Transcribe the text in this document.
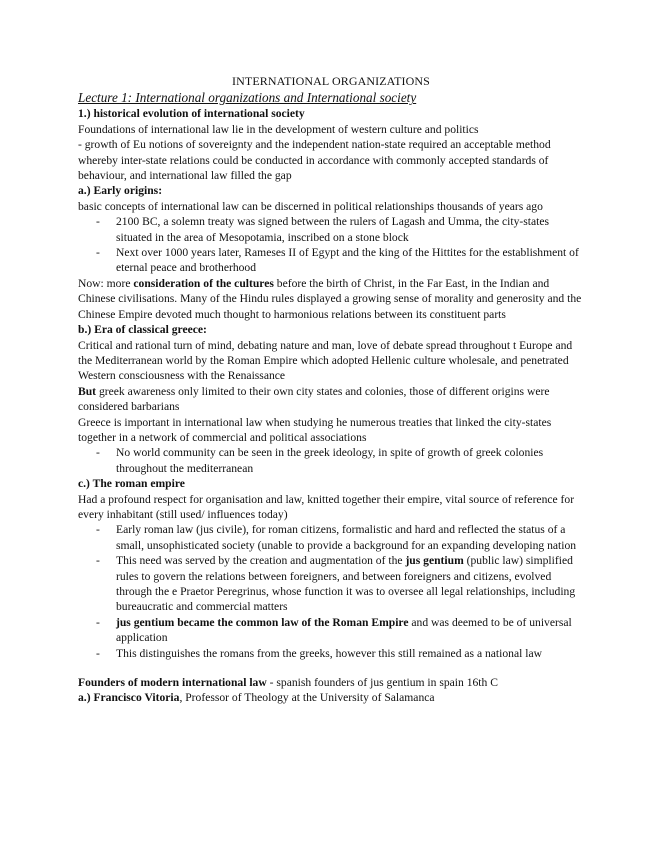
INTERNATIONAL ORGANIZATIONS

Lecture 1: International organizations and International society

1.) historical evolution of international society

Foundations of international law lie in the development of western culture and politics

- growth of Eu notions of sovereignty and the independent nation-state required an acceptable method whereby inter-state relations could be conducted in accordance with commonly accepted standards of behaviour, and international law filled the gap

a.) Early origins:

basic concepts of international law can be discerned in political relationships thousands of years ago

- 2100 BC, a solemn treaty was signed between the rulers of Lagash and Umma, the city-states situated in the area of Mesopotamia, inscribed on a stone block
- Next over 1000 years later, Rameses II of Egypt and the king of the Hittites for the establishment of eternal peace and brotherhood

Now: more consideration of the cultures before the birth of Christ, in the Far East, in the Indian and Chinese civilisations. Many of the Hindu rules displayed a growing sense of morality and generosity and the Chinese Empire devoted much thought to harmonious relations between its constituent parts

b.) Era of classical greece:

Critical and rational turn of mind, debating nature and man, love of debate spread throughout t Europe and the Mediterranean world by the Roman Empire which adopted Hellenic culture wholesale, and penetrated Western consciousness with the Renaissance

But greek awareness only limited to their own city states and colonies, those of different origins were considered barbarians

Greece is important in international law when studying he numerous treaties that linked the city-states together in a network of commercial and political associations

- No world community can be seen in the greek ideology, in spite of growth of greek colonies throughout the mediterranean

c.) The roman empire

Had a profound respect for organisation and law, knitted together their empire, vital source of reference for every inhabitant (still used/ influences today)

- Early roman law (jus civile), for roman citizens, formalistic and hard and reflected the status of a small, unsophisticated society (unable to provide a background for an expanding developing nation
- This need was served by the creation and augmentation of the jus gentium (public law) simplified rules to govern the relations between foreigners, and between foreigners and citizens, evolved through the e Praetor Peregrinus, whose function it was to oversee all legal relationships, including bureaucratic and commercial matters
- jus gentium became the common law of the Roman Empire and was deemed to be of universal application
- This distinguishes the romans from the greeks, however this still remained as a national law

Founders of modern international law - spanish founders of jus gentium in spain 16th C

a.) Francisco Vitoria, Professor of Theology at the University of Salamanca
